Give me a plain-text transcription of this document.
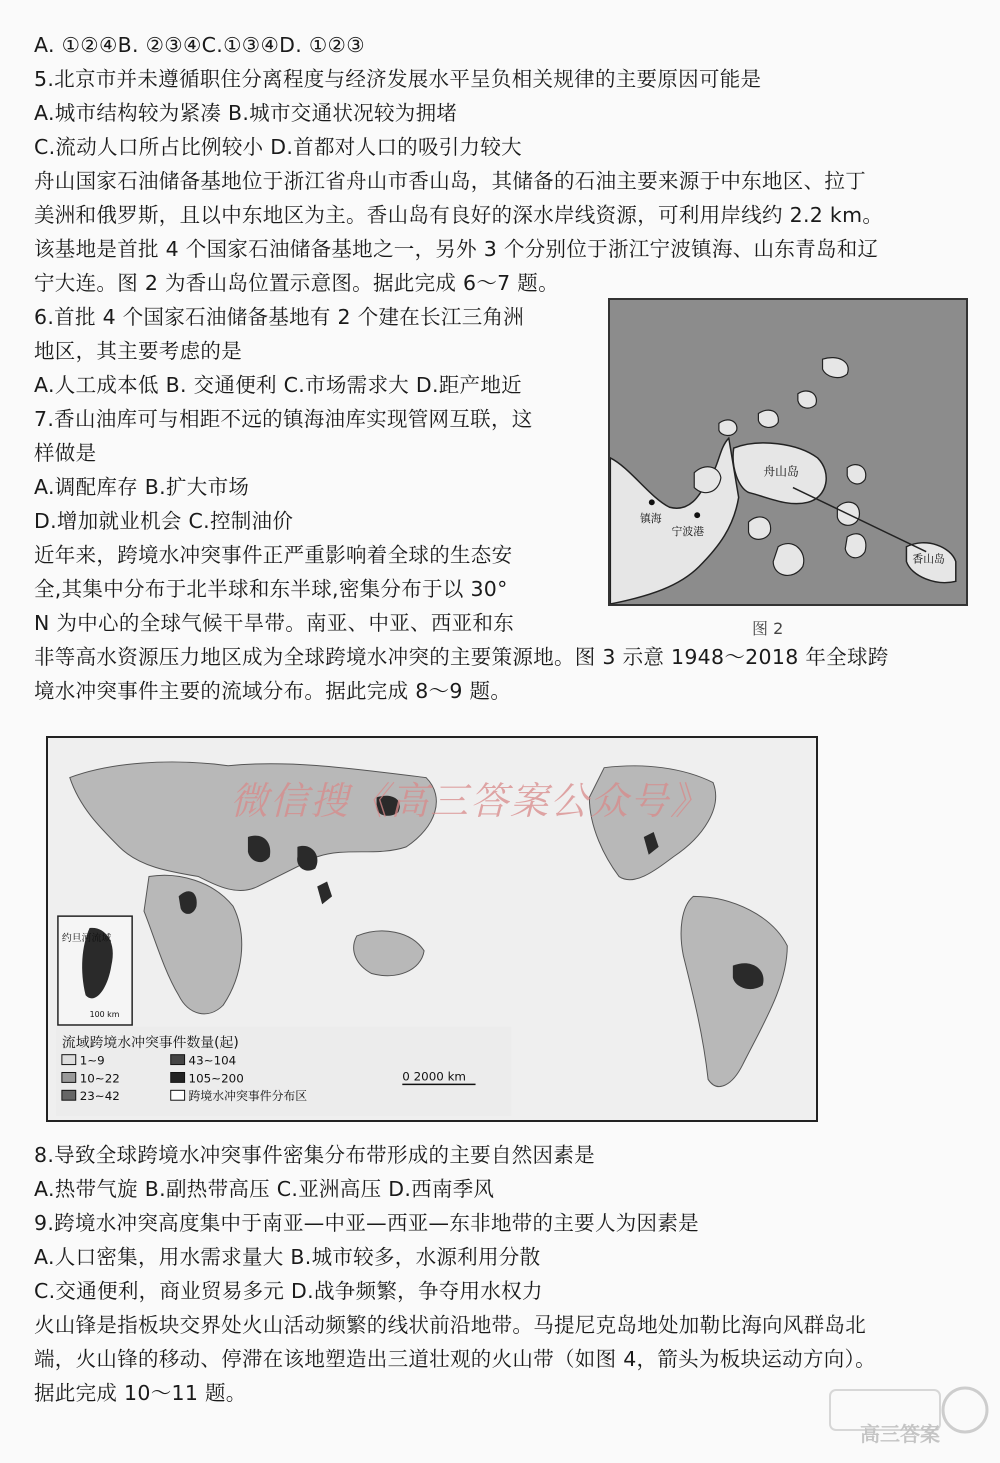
A. ①②④B. ②③④C.①③④D. ①②③
5.北京市并未遵循职住分离程度与经济发展水平呈负相关规律的主要原因可能是
A.城市结构较为紧凑 B.城市交通状况较为拥堵
C.流动人口所占比例较小 D.首都对人口的吸引力较大
舟山国家石油储备基地位于浙江省舟山市香山岛，其储备的石油主要来源于中东地区、拉丁
美洲和俄罗斯，且以中东地区为主。香山岛有良好的深水岸线资源，可利用岸线约 2.2 km。
该基地是首批 4 个国家石油储备基地之一，另外 3 个分别位于浙江宁波镇海、山东青岛和辽
宁大连。图 2 为香山岛位置示意图。据此完成 6～7 题。
6.首批 4 个国家石油储备基地有 2 个建在长江三角洲
地区，其主要考虑的是
A.人工成本低 B. 交通便利 C.市场需求大 D.距产地近
7.香山油库可与相距不远的镇海油库实现管网互联，这
样做是
A.调配库存 B.扩大市场
D.增加就业机会 C.控制油价
近年来，跨境水冲突事件正严重影响着全球的生态安
全,其集中分布于北半球和东半球,密集分布于以 30°
N 为中心的全球气候干旱带。南亚、中亚、西亚和东
非等高水资源压力地区成为全球跨境水冲突的主要策源地。图 3 示意 1948～2018 年全球跨
境水冲突事件主要的流域分布。据此完成 8～9 题。
舟山岛
镇海
宁波港
香山岛
图 2
约旦河流域
100 km
流域跨境水冲突事件数量(起)
1~9
10~22
23~42
43~104
105~200
跨境水冲突事件分布区
0 2000 km
微信搜《高三答案公众号》
8.导致全球跨境水冲突事件密集分布带形成的主要自然因素是
A.热带气旋 B.副热带高压 C.亚洲高压 D.西南季风
9.跨境水冲突高度集中于南亚—中亚—西亚—东非地带的主要人为因素是
A.人口密集，用水需求量大 B.城市较多，水源利用分散
C.交通便利，商业贸易多元 D.战争频繁，争夺用水权力
火山锋是指板块交界处火山活动频繁的线状前沿地带。马提尼克岛地处加勒比海向风群岛北
端，火山锋的移动、停滞在该地塑造出三道壮观的火山带（如图 4，箭头为板块运动方向）。
据此完成 10～11 题。
高三答案
